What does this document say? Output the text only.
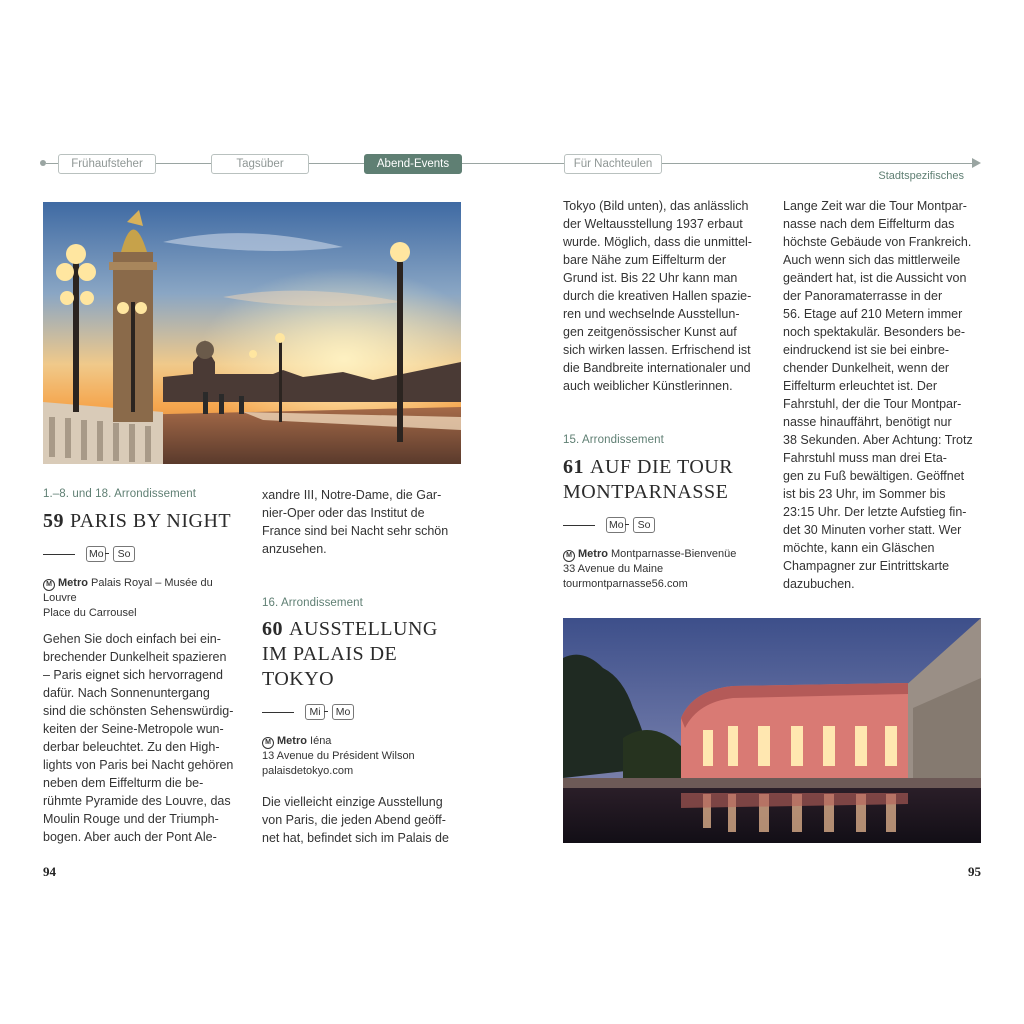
Frühaufsteher	Tagsüber	Abend-Events	Für Nachteulen
Stadtspezifisches
1.–8. und 18. Arrondissement
59 PARIS BY NIGHT
Mo	So
M Metro Palais Royal – Musée du
Louvre
Place du Carrousel
Gehen Sie doch einfach bei ein-
brechender Dunkelheit spazieren
– Paris eignet sich hervorragend
dafür. Nach Sonnenuntergang
sind die schönsten Sehenswürdig-
keiten der Seine-Metropole wun-
derbar beleuchtet. Zu den High-
lights von Paris bei Nacht gehören
neben dem Eiffelturm die be-
rühmte Pyramide des Louvre, das
Moulin Rouge und der Triumph-
bogen. Aber auch der Pont Ale-
xandre III, Notre-Dame, die Gar-
nier-Oper oder das Institut de
France sind bei Nacht sehr schön
anzusehen.
16. Arrondissement
60 AUSSTELLUNG
IM PALAIS DE
TOKYO
Mi	Mo
M Metro Iéna
13 Avenue du Président Wilson
palaisdetokyo.com
Die vielleicht einzige Ausstellung
von Paris, die jeden Abend geöff-
net hat, befindet sich im Palais de
Tokyo (Bild unten), das anlässlich
der Weltausstellung 1937 erbaut
wurde. Möglich, dass die unmittel-
bare Nähe zum Eiffelturm der
Grund ist. Bis 22 Uhr kann man
durch die kreativen Hallen spazie-
ren und wechselnde Ausstellun-
gen zeitgenössischer Kunst auf
sich wirken lassen. Erfrischend ist
die Bandbreite internationaler und
auch weiblicher Künstlerinnen.
15. Arrondissement
61 AUF DIE TOUR
MONTPARNASSE
Mo	So
M Metro Montparnasse-Bienvenüe
33 Avenue du Maine
tourmontparnasse56.com
Lange Zeit war die Tour Montpar-
nasse nach dem Eiffelturm das
höchste Gebäude von Frankreich.
Auch wenn sich das mittlerweile
geändert hat, ist die Aussicht von
der Panoramaterrasse in der
56. Etage auf 210 Metern immer
noch spektakulär. Besonders be-
eindruckend ist sie bei einbre-
chender Dunkelheit, wenn der
Eiffelturm erleuchtet ist. Der
Fahrstuhl, der die Tour Montpar-
nasse hinauffährt, benötigt nur
38 Sekunden. Aber Achtung: Trotz
Fahrstuhl muss man drei Eta-
gen zu Fuß bewältigen. Geöffnet
ist bis 23 Uhr, im Sommer bis
23:15 Uhr. Der letzte Aufstieg fin-
det 30 Minuten vorher statt. Wer
möchte, kann ein Gläschen
Champagner zur Eintrittskarte
dazubuchen.
94	95
